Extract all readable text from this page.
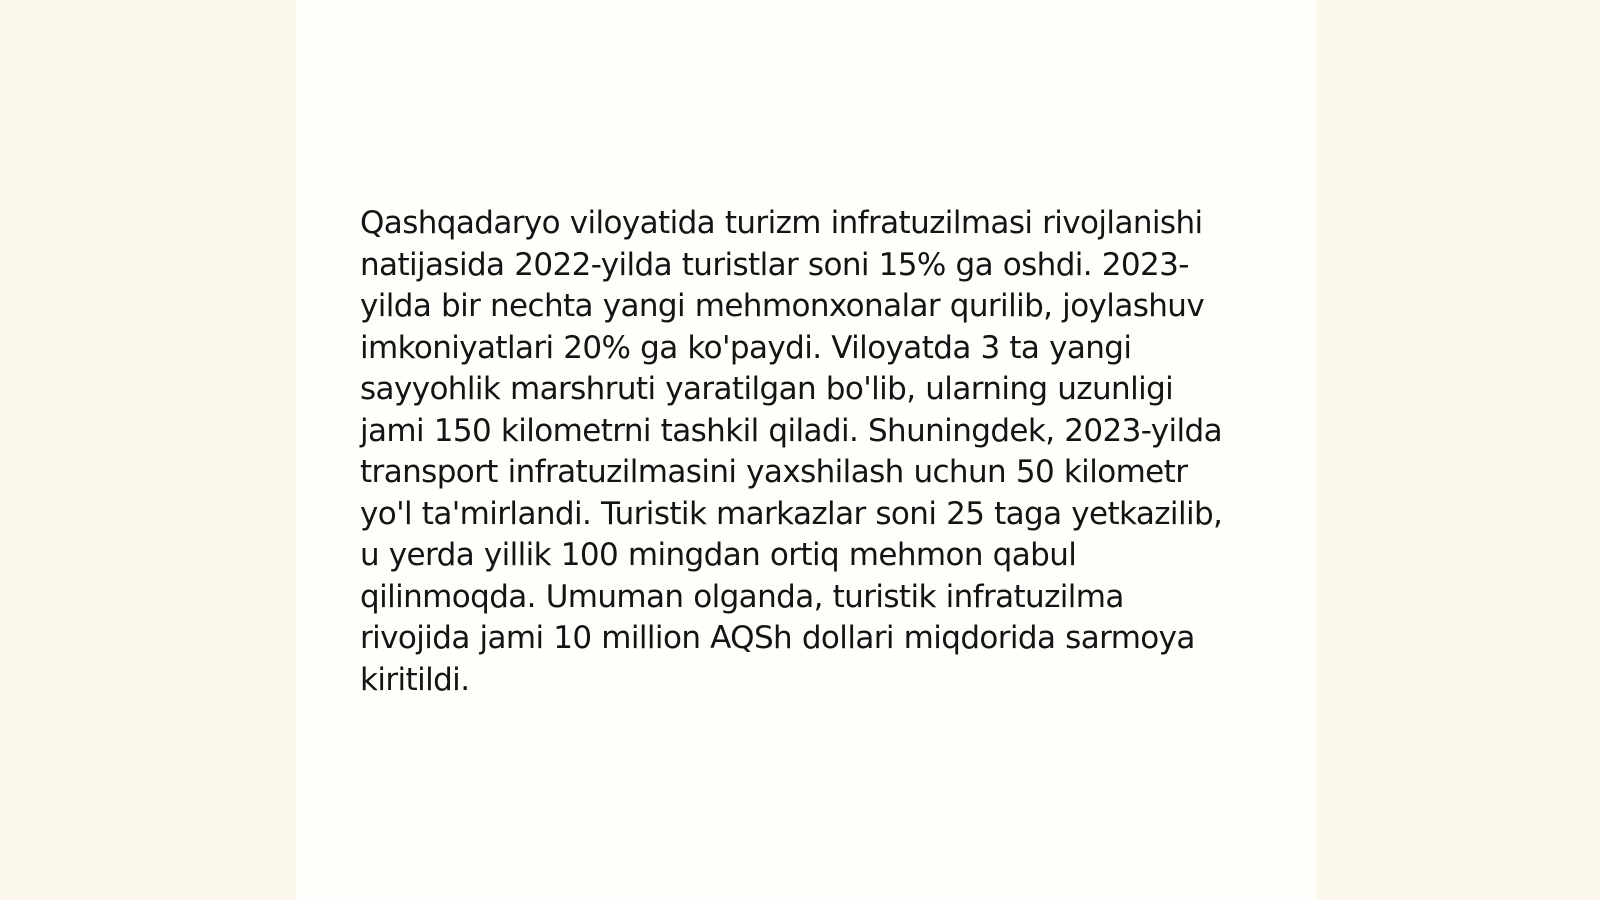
Qashqadaryo viloyatida turizm infratuzilmasi rivojlanishi natijasida 2022-yilda turistlar soni 15% ga oshdi. 2023-yilda bir nechta yangi mehmonxonalar qurilib, joylashuv imkoniyatlari 20% ga ko'paydi. Viloyatda 3 ta yangi sayyohlik marshruti yaratilgan bo'lib, ularning uzunligi jami 150 kilometrni tashkil qiladi. Shuningdek, 2023-yilda transport infratuzilmasini yaxshilash uchun 50 kilometr yo'l ta'mirlandi. Turistik markazlar soni 25 taga yetkazilib, u yerda yillik 100 mingdan ortiq mehmon qabul qilinmoqda. Umuman olganda, turistik infratuzilma rivojida jami 10 million AQSh dollari miqdorida sarmoya kiritildi.
